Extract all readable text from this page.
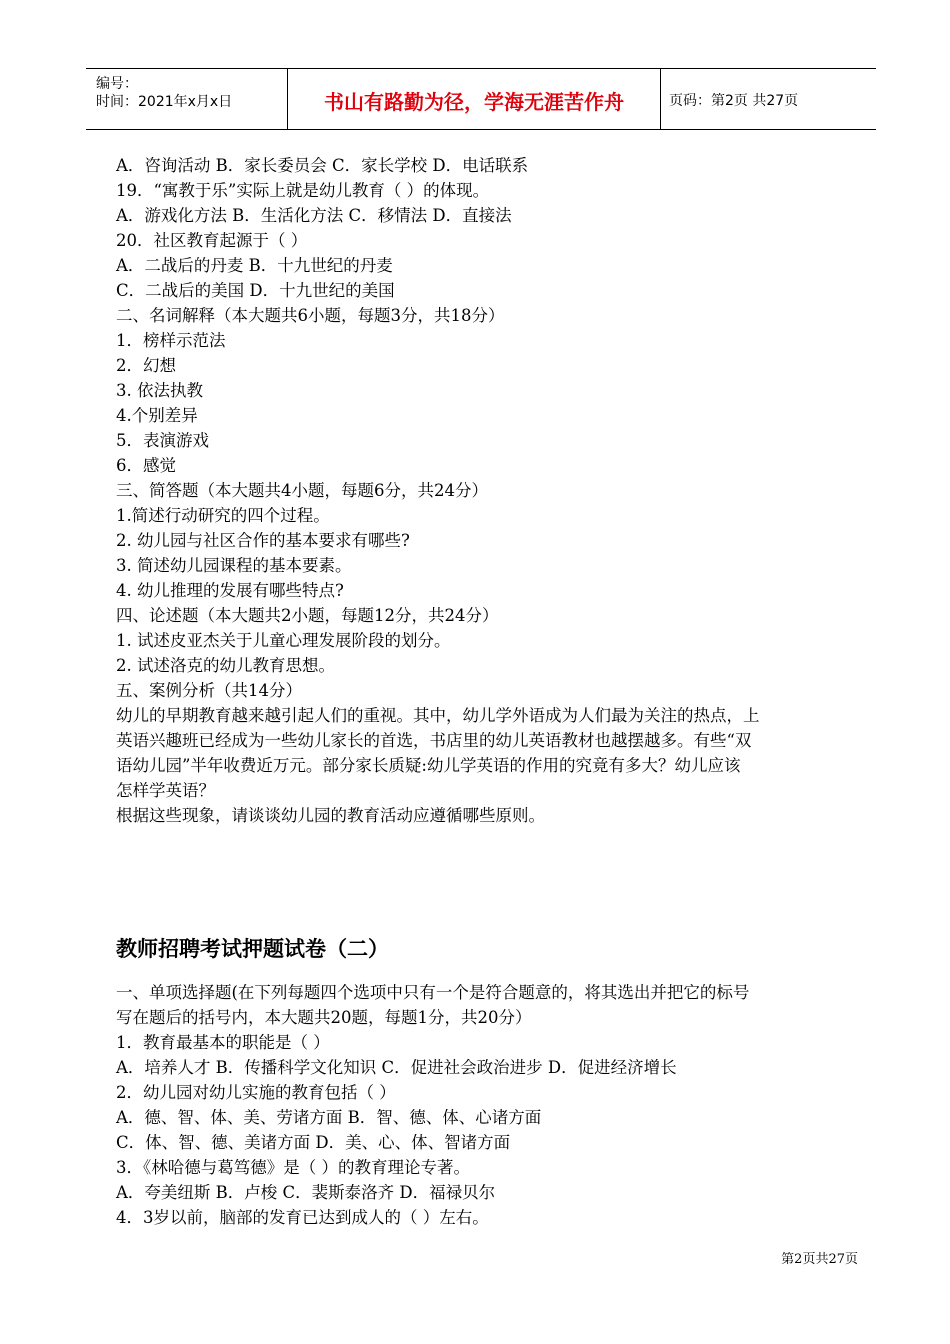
编号：
时间：2021年x月x日	书山有路勤为径，学海无涯苦作舟	页码：第2页 共27页
A．咨询活动 B．家长委员会 C．家长学校 D．电话联系
19．“寓教于乐”实际上就是幼儿教育（ ）的体现。
A．游戏化方法 B．生活化方法 C．移情法 D．直接法
20．社区教育起源于（ ）
A．二战后的丹麦 B．十九世纪的丹麦
C．二战后的美国 D．十九世纪的美国
二、名词解释（本大题共6小题，每题3分，共18分）
1．榜样示范法
2．幻想
3. 依法执教
4.个别差异
5．表演游戏
6．感觉
三、简答题（本大题共4小题，每题6分，共24分）
1.简述行动研究的四个过程。
2. 幼儿园与社区合作的基本要求有哪些?
3. 简述幼儿园课程的基本要素。
4. 幼儿推理的发展有哪些特点?
四、论述题（本大题共2小题，每题12分，共24分）
1. 试述皮亚杰关于儿童心理发展阶段的划分。
2. 试述洛克的幼儿教育思想。
五、案例分析（共14分）
幼儿的早期教育越来越引起人们的重视。其中，幼儿学外语成为人们最为关注的热点，上
英语兴趣班已经成为一些幼儿家长的首选，书店里的幼儿英语教材也越摆越多。有些“双
语幼儿园”半年收费近万元。部分家长质疑:幼儿学英语的作用的究竟有多大？幼儿应该
怎样学英语？
根据这些现象，请谈谈幼儿园的教育活动应遵循哪些原则。
教师招聘考试押题试卷（二）
一、单项选择题(在下列每题四个选项中只有一个是符合题意的，将其选出并把它的标号
写在题后的括号内，本大题共20题，每题1分，共20分）
1．教育最基本的职能是（ ）
A．培养人才 B．传播科学文化知识 C．促进社会政治进步 D．促进经济增长
2．幼儿园对幼儿实施的教育包括（ ）
A．德、智、体、美、劳诸方面 B．智、德、体、心诸方面
C．体、智、德、美诸方面 D．美、心、体、智诸方面
3．《林哈德与葛笃德》是（ ）的教育理论专著。
A．夸美纽斯 B．卢梭 C．裴斯泰洛齐 D．福禄贝尔
4．3岁以前，脑部的发育已达到成人的（ ）左右。
第2页共27页
